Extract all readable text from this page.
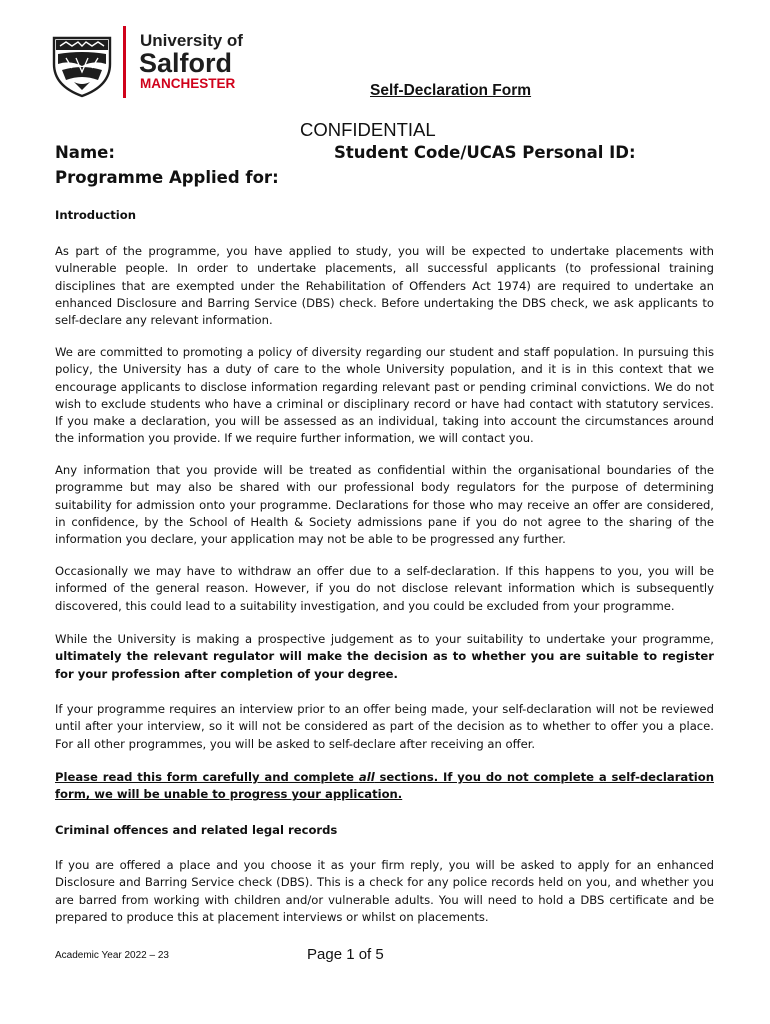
University of
Salford
MANCHESTER	Self-Declaration Form
CONFIDENTIAL
Name:	Student Code/UCAS Personal ID:
Programme Applied for:
Introduction

As part of the programme, you have applied to study, you will be expected to undertake placements with vulnerable people. In order to undertake placements, all successful applicants (to professional training disciplines that are exempted under the Rehabilitation of Offenders Act 1974) are required to undertake an enhanced Disclosure and Barring Service (DBS) check. Before undertaking the DBS check, we ask applicants to self-declare any relevant information.

We are committed to promoting a policy of diversity regarding our student and staff population. In pursuing this policy, the University has a duty of care to the whole University population, and it is in this context that we encourage applicants to disclose information regarding relevant past or pending criminal convictions. We do not wish to exclude students who have a criminal or disciplinary record or have had contact with statutory services. If you make a declaration, you will be assessed as an individual, taking into account the circumstances around the information you provide. If we require further information, we will contact you.

Any information that you provide will be treated as confidential within the organisational boundaries of the programme but may also be shared with our professional body regulators for the purpose of determining suitability for admission onto your programme. Declarations for those who may receive an offer are considered, in confidence, by the School of Health & Society admissions pane if you do not agree to the sharing of the information you declare, your application may not be able to be progressed any further.

Occasionally we may have to withdraw an offer due to a self-declaration. If this happens to you, you will be informed of the general reason. However, if you do not disclose relevant information which is subsequently discovered, this could lead to a suitability investigation, and you could be excluded from your programme.

While the University is making a prospective judgement as to your suitability to undertake your programme, ultimately the relevant regulator will make the decision as to whether you are suitable to register for your profession after completion of your degree.

If your programme requires an interview prior to an offer being made, your self-declaration will not be reviewed until after your interview, so it will not be considered as part of the decision as to whether to offer you a place. For all other programmes, you will be asked to self-declare after receiving an offer.

Please read this form carefully and complete all sections. If you do not complete a self-declaration form, we will be unable to progress your application.

Criminal offences and related legal records

If you are offered a place and you choose it as your firm reply, you will be asked to apply for an enhanced Disclosure and Barring Service check (DBS). This is a check for any police records held on you, and whether you are barred from working with children and/or vulnerable adults. You will need to hold a DBS certificate and be prepared to produce this at placement interviews or whilst on placements.

Academic Year 2022 – 23	Page 1 of 5
